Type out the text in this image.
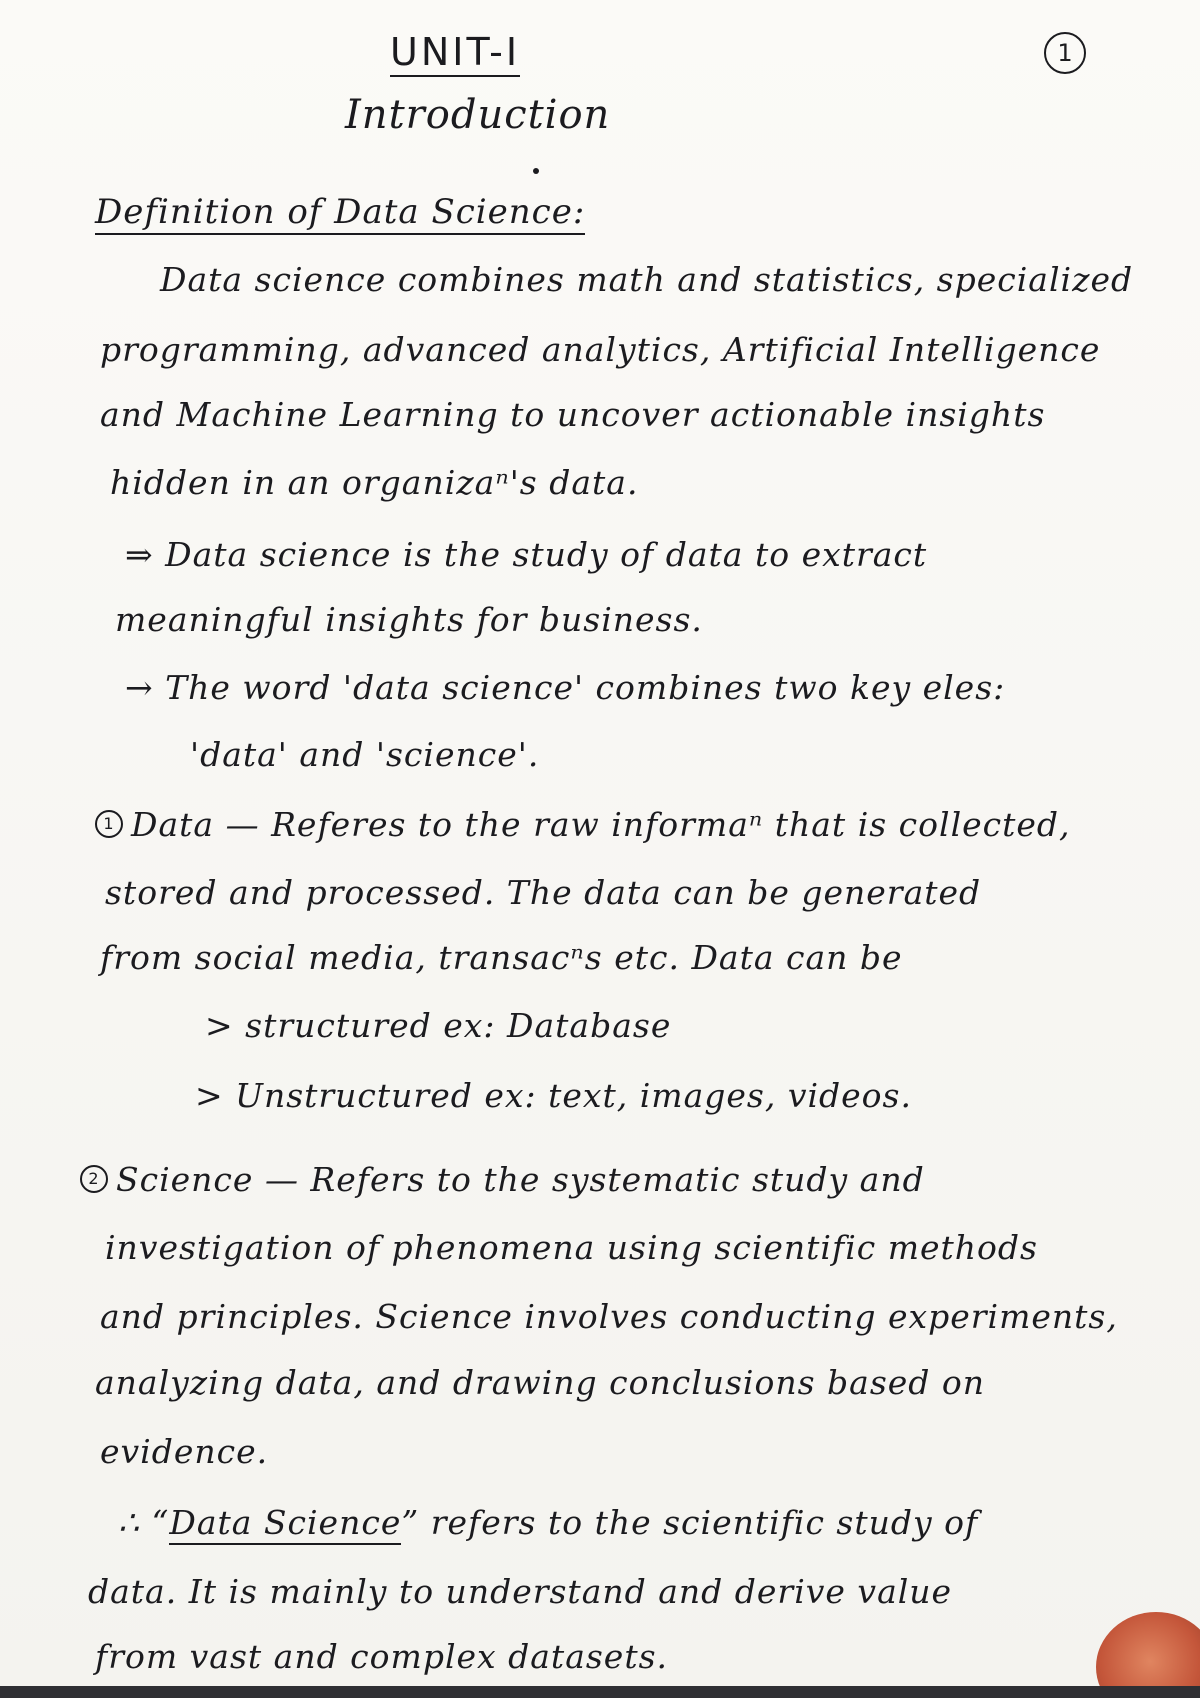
UNIT-I	1
Introduction
Definition of Data Science:
Data science combines math and statistics, specialized
programming, advanced analytics, Artificial Intelligence
and Machine Learning to uncover actionable insights
hidden in an organizaⁿ's data.
⇒ Data science is the study of data to extract
meaningful insights for business.
→ The word 'data science' combines two key eles:
'data' and 'science'.
1 Data — Referes to the raw informaⁿ that is collected,
stored and processed. The data can be generated
from social media, transacⁿs etc. Data can be
> structured ex: Database
> Unstructured ex: text, images, videos.
2 Science — Refers to the systematic study and
investigation of phenomena using scientific methods
and principles. Science involves conducting experiments,
analyzing data, and drawing conclusions based on
evidence.
∴ “Data Science” refers to the scientific study of
data. It is mainly to understand and derive value
from vast and complex datasets.
